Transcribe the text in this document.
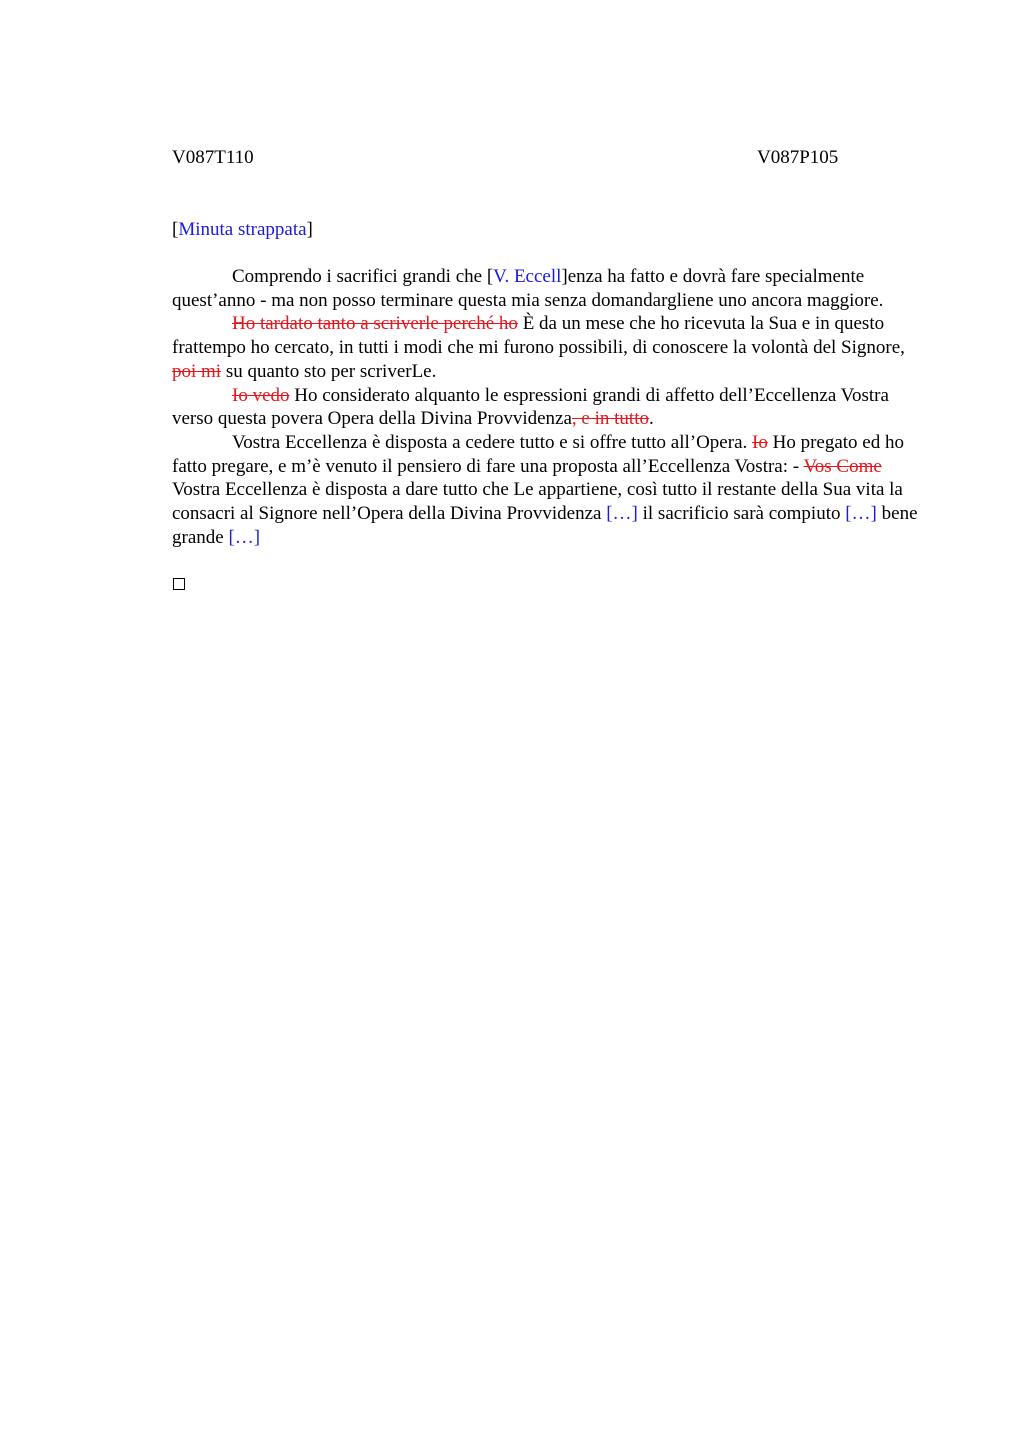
V087T110	V087P105
[Minuta strappata]

Comprendo i sacrifici grandi che [V. Eccell]enza ha fatto e dovrà fare specialmente quest’anno - ma non posso terminare questa mia senza domandargliene uno ancora maggiore.

Ho tardato tanto a scriverle perché ho È da un mese che ho ricevuta la Sua e in questo frattempo ho cercato, in tutti i modi che mi furono possibili, di conoscere la volontà del Signore, poi mi su quanto sto per scriverLe.

Io vedo Ho considerato alquanto le espressioni grandi di affetto dell’Eccellenza Vostra verso questa povera Opera della Divina Provvidenza, e in tutto.

Vostra Eccellenza è disposta a cedere tutto e si offre tutto all’Opera. Io Ho pregato ed ho fatto pregare, e m’è venuto il pensiero di fare una proposta all’Eccellenza Vostra: - Vos Come Vostra Eccellenza è disposta a dare tutto che Le appartiene, così tutto il restante della Sua vita la consacri al Signore nell’Opera della Divina Provvidenza […] il sacrificio sarà compiuto […] bene grande […]
